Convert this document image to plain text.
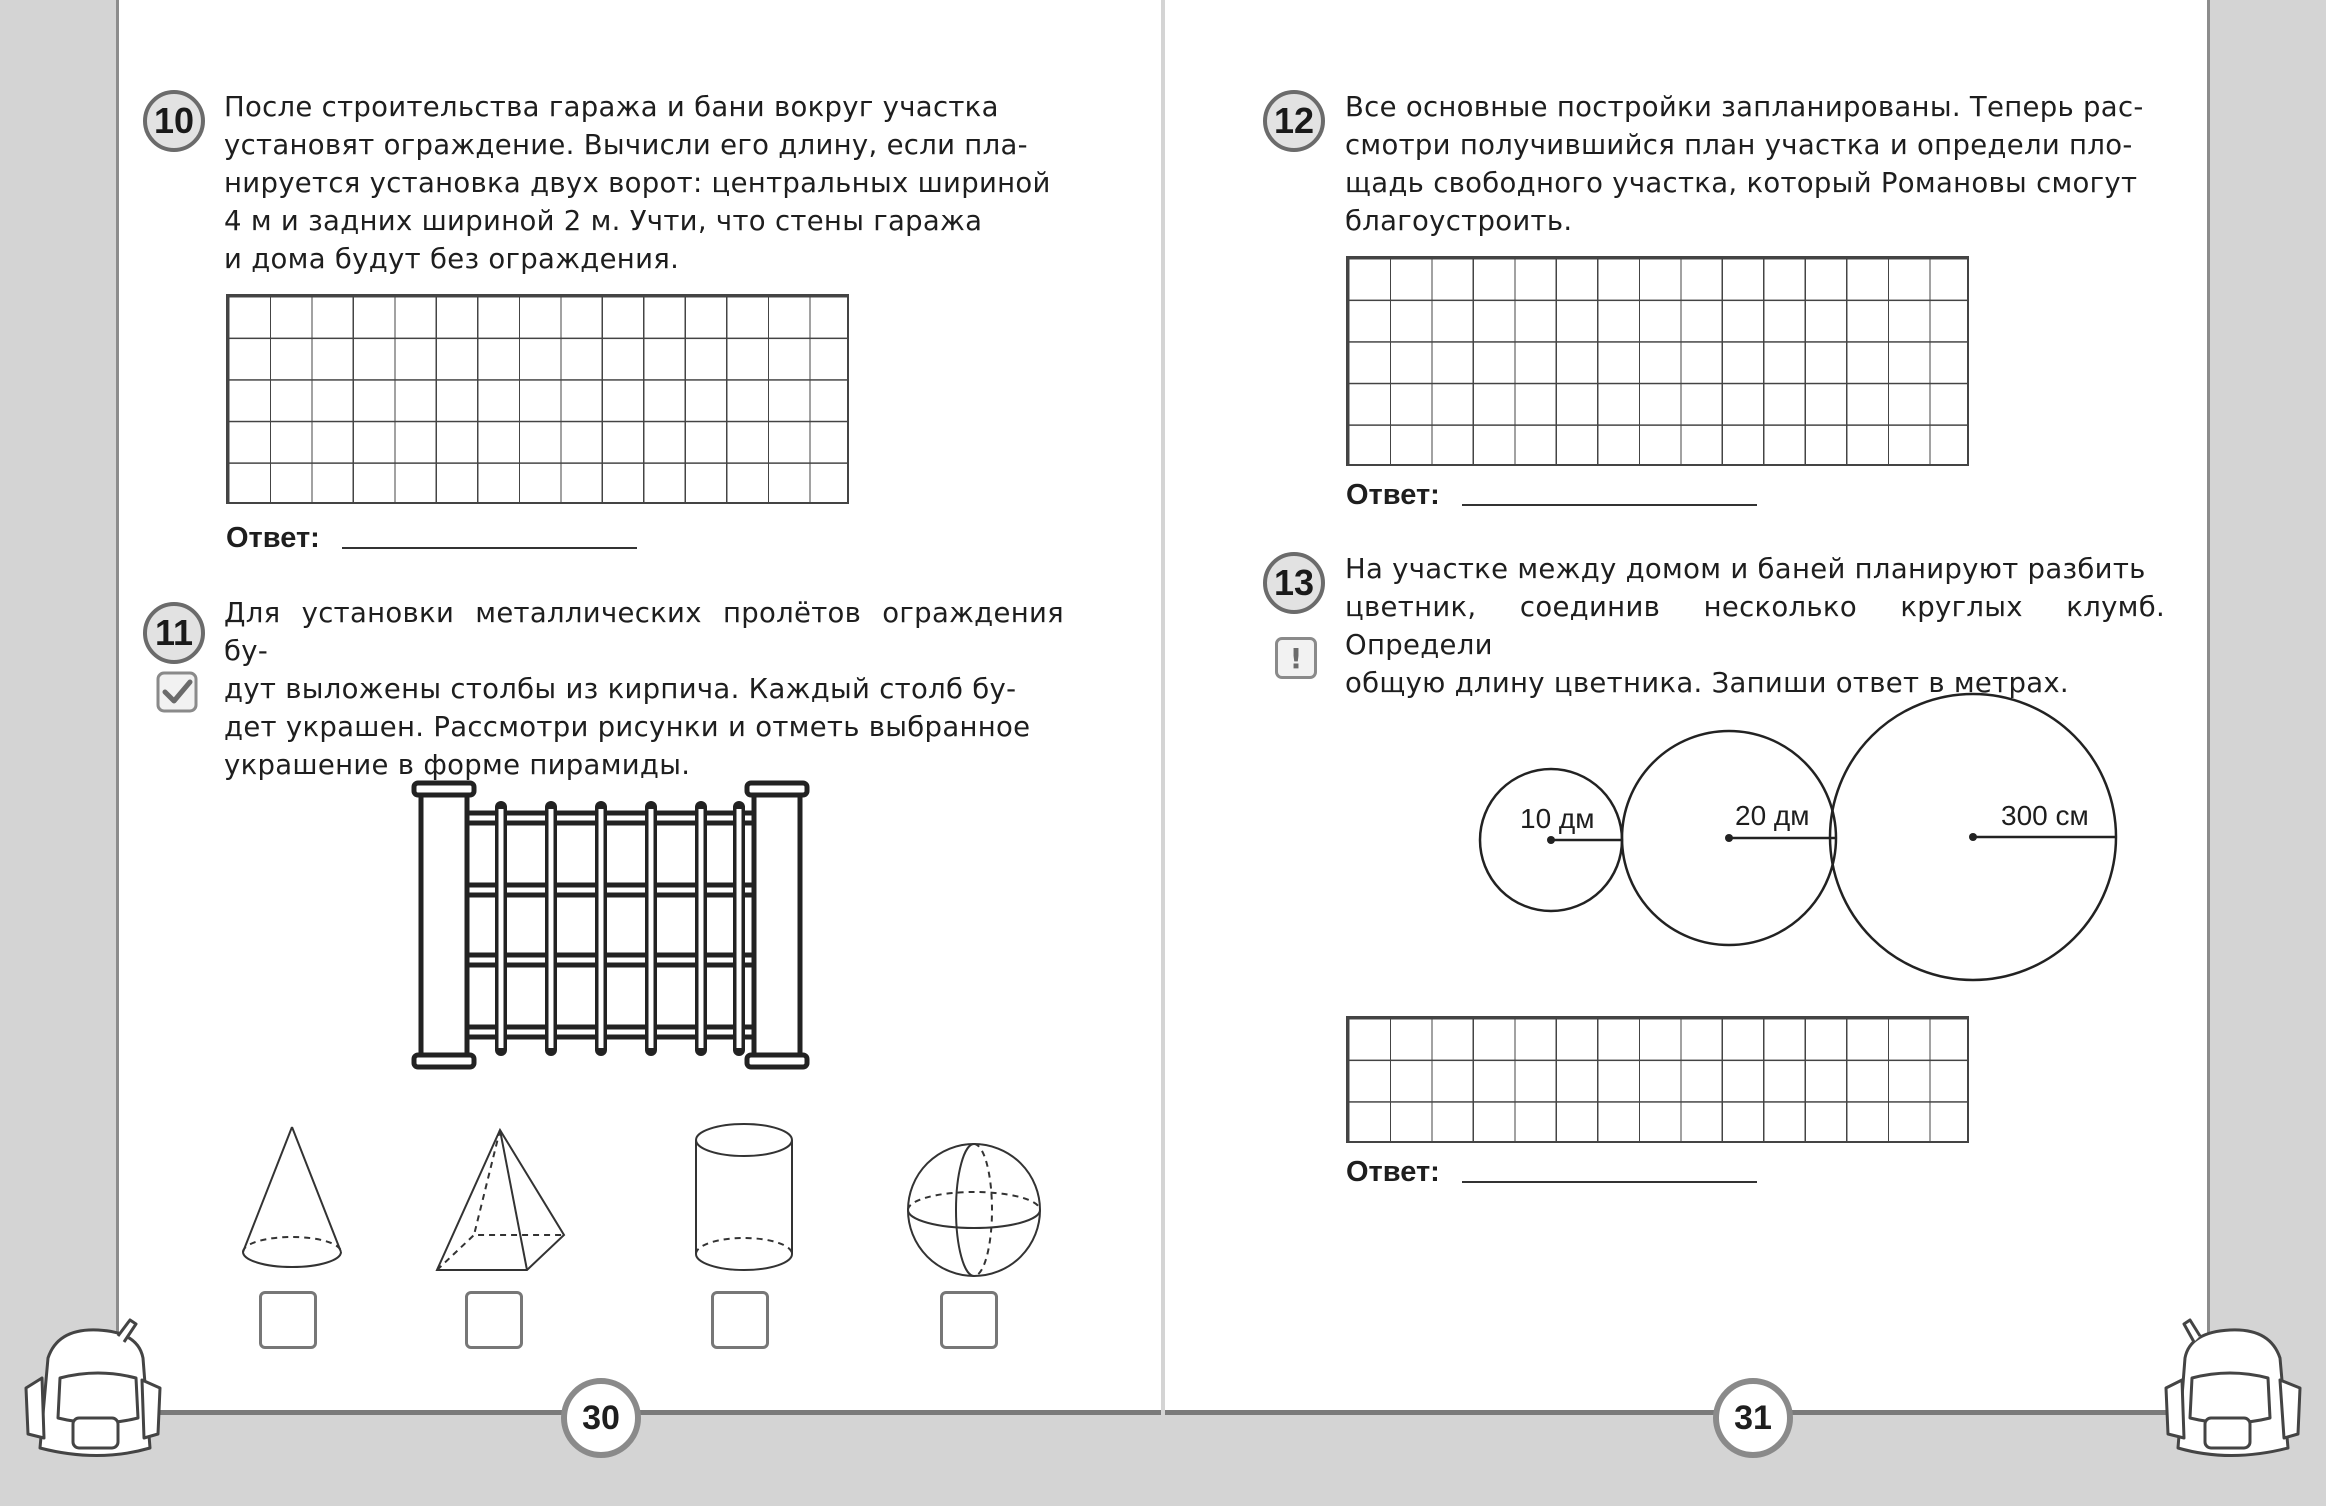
10	После строительства гаража и бани вокруг участка
установят ограждение. Вычисли его длину, если пла-
нируется установка двух ворот: центральных шириной
4 м и задних шириной 2 м. Учти, что стены гаража
и дома будут без ограждения.
Ответ:
11	Для установки металлических пролётов ограждения бу-
дут выложены столбы из кирпича. Каждый столб бу-
дет украшен. Рассмотри рисунки и отметь выбранное
украшение в форме пирамиды.
12	Все основные постройки запланированы. Теперь рас-
смотри получившийся план участка и определи пло-
щадь свободного участка, который Романовы смогут
благоустроить.
Ответ:
13
!
На участке между домом и баней планируют разбить
цветник, соединив несколько круглых клумб. Определи
общую длину цветника. Запиши ответ в метрах.
10 дм	20 дм	300 см
Ответ:
30	31
